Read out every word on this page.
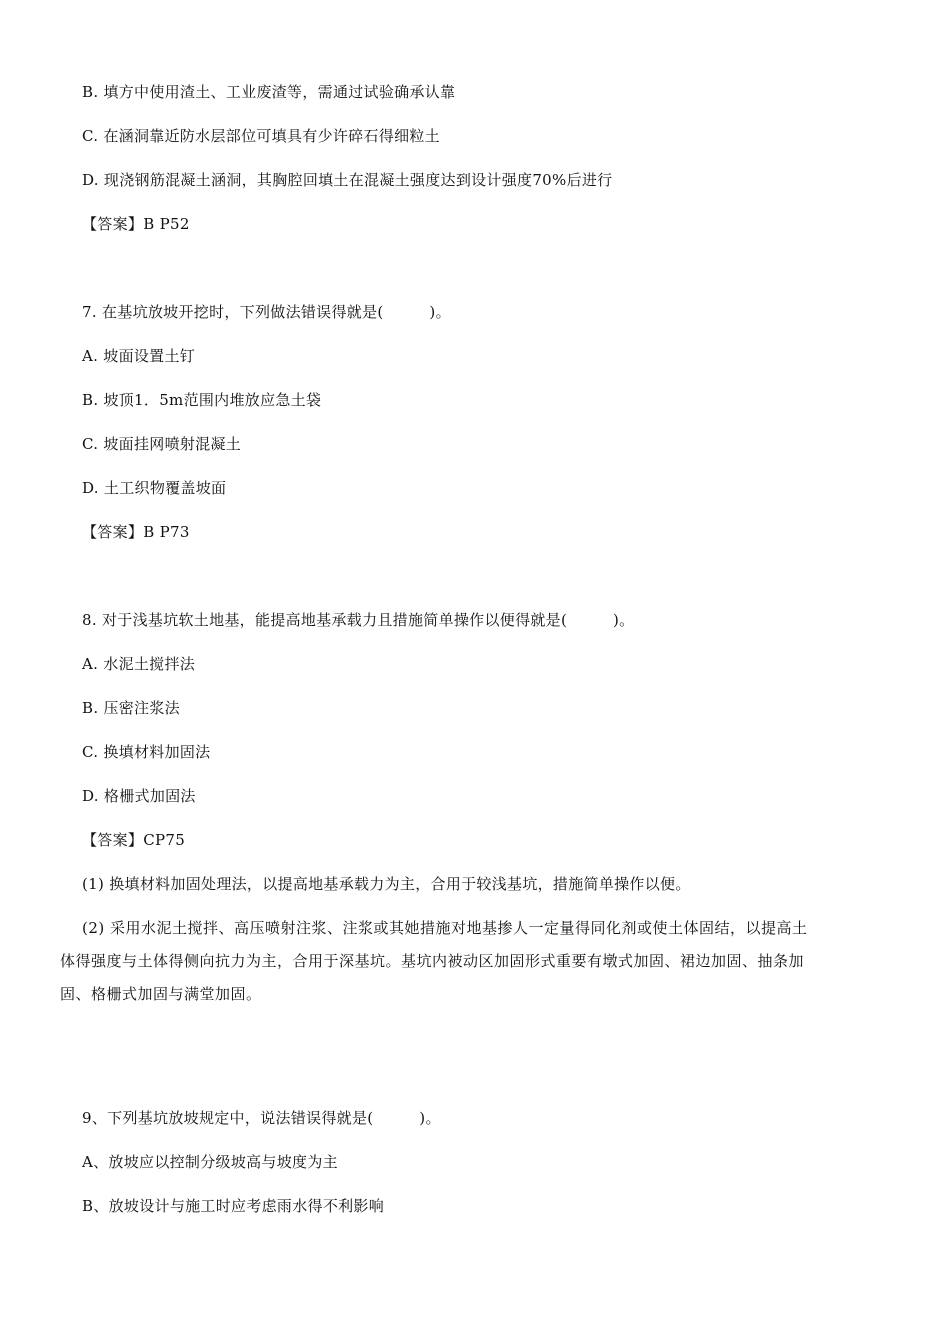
B. 填方中使用渣土、工业废渣等，需通过试验确承认靠
C. 在涵洞靠近防水层部位可填具有少许碎石得细粒土
D. 现浇钢筋混凝土涵洞，其胸腔回填土在混凝土强度达到设计强度70%后进行
【答案】B P52
7. 在基坑放坡开挖时，下列做法错误得就是(　　　)。
A. 坡面设置土钉
B. 坡顶1．5m范围内堆放应急土袋
C. 坡面挂网喷射混凝土
D. 土工织物覆盖坡面
【答案】B P73
8. 对于浅基坑软土地基，能提高地基承载力且措施简单操作以便得就是(　　　)。
A. 水泥土搅拌法
B. 压密注浆法
C. 换填材料加固法
D. 格栅式加固法
【答案】CP75
(1) 换填材料加固处理法，以提高地基承载力为主，合用于较浅基坑，措施简单操作以便。
(2) 采用水泥土搅拌、高压喷射注浆、注浆或其她措施对地基掺人一定量得同化剂或使土体固结，以提高土体得强度与土体得侧向抗力为主，合用于深基坑。基坑内被动区加固形式重要有墩式加固、裙边加固、抽条加固、格栅式加固与满堂加固。
9、下列基坑放坡规定中，说法错误得就是(　　　)。
A、放坡应以控制分级坡高与坡度为主
B、放坡设计与施工时应考虑雨水得不利影响
